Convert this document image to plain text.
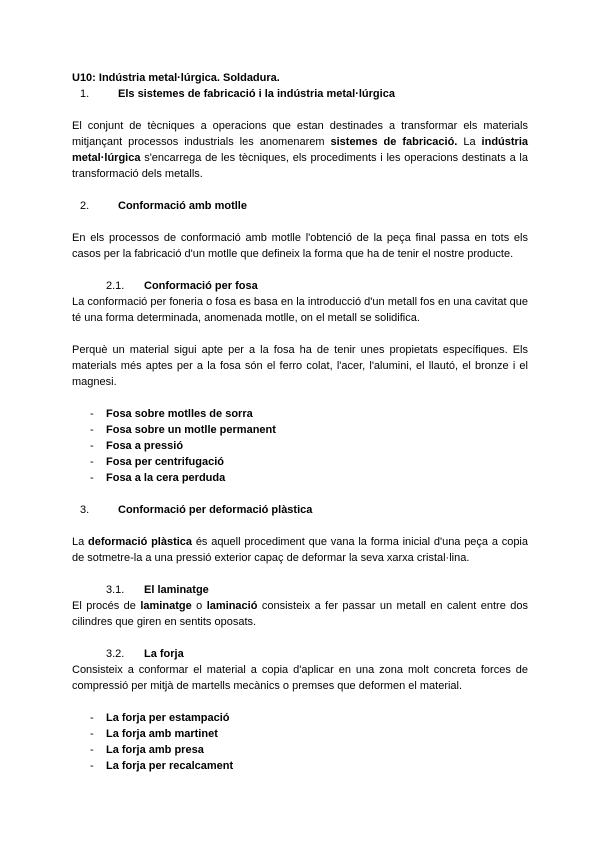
U10: Indústria metal·lúrgica. Soldadura.
1.	Els sistemes de fabricació i la indústria metal·lúrgica

El conjunt de tècniques a operacions que estan destinades a transformar els materials mitjançant processos industrials les anomenarem sistemes de fabricació. La indústria metal·lúrgica s'encarrega de les tècniques, els procediments i les operacions destinats a la transformació dels metalls.

2.	Conformació amb motlle

En els processos de conformació amb motlle l'obtenció de la peça final passa en tots els casos per la fabricació d'un motlle que defineix la forma que ha de tenir el nostre producte.

2.1.	Conformació per fosa

La conformació per foneria o fosa es basa en la introducció d'un metall fos en una cavitat que té una forma determinada, anomenada motlle, on el metall se solidifica.

Perquè un material sigui apte per a la fosa ha de tenir unes propietats específiques. Els materials més aptes per a la fosa són el ferro colat, l'acer, l'alumini, el llautó, el bronze i el magnesi.

-	Fosa sobre motlles de sorra
-	Fosa sobre un motlle permanent
-	Fosa a pressió
-	Fosa per centrifugació
-	Fosa a la cera perduda
3.	Conformació per deformació plàstica

La deformació plàstica és aquell procediment que vana la forma inicial d'una peça a copia de sotmetre-la a una pressió exterior capaç de deformar la seva xarxa cristal·lina.

3.1.	El laminatge

El procés de laminatge o laminació consisteix a fer passar un metall en calent entre dos cilindres que giren en sentits oposats.

3.2.	La forja

Consisteix a conformar el material a copia d'aplicar en una zona molt concreta forces de compressió per mitjà de martells mecànics o premses que deformen el material.

-	La forja per estampació
-	La forja amb martinet
-	La forja amb presa
-	La forja per recalcament
